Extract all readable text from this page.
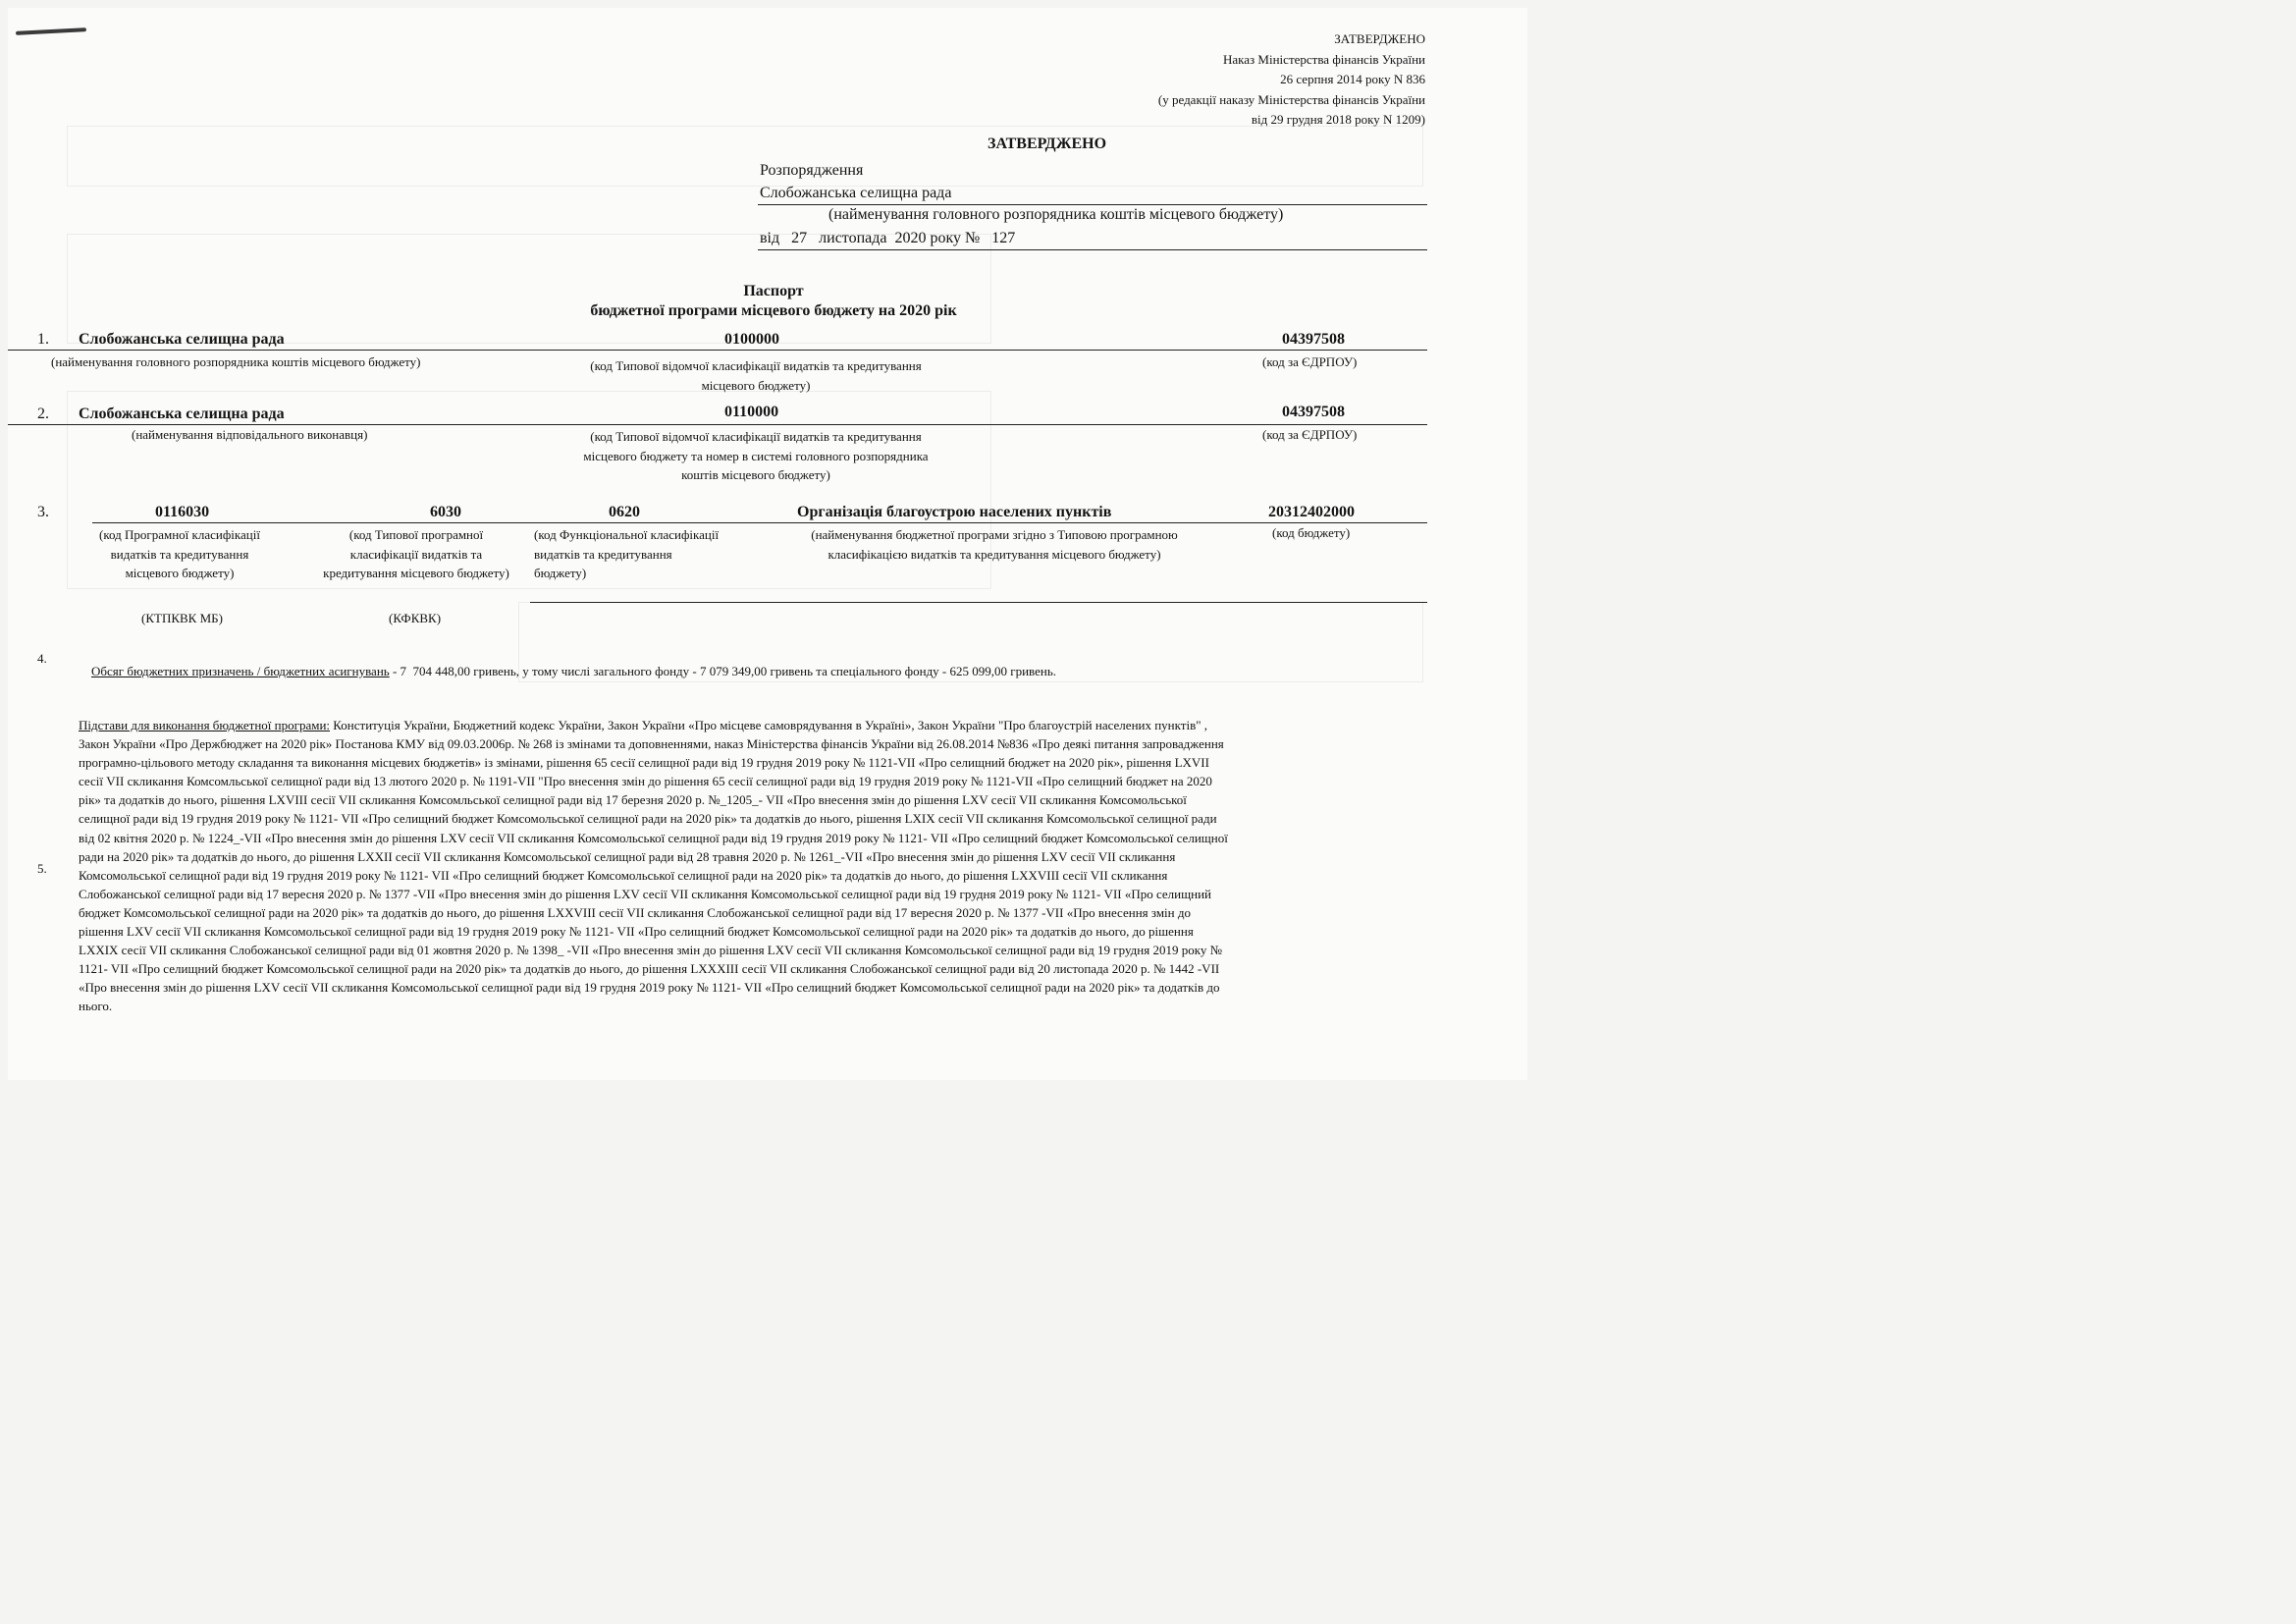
ЗАТВЕРДЖЕНО
Наказ Міністерства фінансів України
26 серпня 2014 року N 836
(у редакції наказу Міністерства фінансів України
від 29 грудня 2018 року N 1209)
ЗАТВЕРДЖЕНО
Розпорядження
Слобожанська селищна рада
(найменування головного розпорядника коштів місцевого бюджету)
від 27 листопада 2020 року № 127
Паспорт
бюджетної програми місцевого бюджету на 2020 рік
1. Слобожанська селищна рада	0100000	04397508
(найменування головного розпорядника коштів місцевого бюджету)	(код Типової відомчої класифікації видатків та кредитування
місцевого бюджету)
(код за ЄДРПОУ)
2. Слобожанська селищна рада	0110000	04397508
(найменування відповідального виконавця)	(код Типової відомчої класифікації видатків та кредитування
місцевого бюджету та номер в системі головного розпорядника
коштів місцевого бюджету)
(код за ЄДРПОУ)
3.	0116030	6030	0620	Організація благоустрою населених пунктів	20312402000
(код Програмної класифікації
видатків та кредитування
місцевого бюджету)
(код Типової програмної
класифікації видатків та
кредитування місцевого бюджету)
(код Функціональної класифікації
видатків та кредитування
бюджету)
(найменування бюджетної програми згідно з Типовою програмною
класифікацією видатків та кредитування місцевого бюджету)
(код бюджету)
(КТПКВК МБ)	(КФКВК)
4.

Обсяг бюджетних призначень / бюджетних асигнувань - 7  704 448,00 гривень, у тому числі загального фонду - 7 079 349,00 гривень та спеціального фонду - 625 099,00 гривень.

5.

Підстави для виконання бюджетної програми: Конституція України, Бюджетний кодекс України, Закон України «Про місцеве самоврядування в Україні», Закон України "Про благоустрій населених пунктів" ,

Закон України «Про Держбюджет на 2020 рік» Постанова КМУ від 09.03.2006р. № 268 із змінами та доповненнями, наказ Міністерства фінансів України від 26.08.2014 №836 «Про деякі питання запровадження

програмно-цільового методу складання та виконання місцевих бюджетів» із змінами, рішення 65 сесії селищної ради від 19 грудня 2019 року № 1121-VII «Про селищний бюджет на 2020 рік», рішення LXVII

сесії VII скликання Комсомльської селищної ради від 13 лютого 2020 р. № 1191-VII "Про внесення змін до рішення 65 сесії селищної ради від 19 грудня 2019 року № 1121-VII «Про селищний бюджет на 2020

рік» та додатків до нього, рішення LXVIII сесії VII скликання Комсомльської селищної ради від 17 березня 2020 р. №_1205_- VII «Про внесення змін до рішення LXV сесії VII скликання Комсомольської

селищної ради від 19 грудня 2019 року № 1121- VII «Про селищний бюджет Комсомольської селищної ради на 2020 рік» та додатків до нього, рішення LXIX сесії VII скликання Комсомольської селищної ради

від 02 квітня 2020 р. № 1224_-VII «Про внесення змін до рішення LXV сесії VII скликання Комсомольської селищної ради від 19 грудня 2019 року № 1121- VII «Про селищний бюджет Комсомольської селищної

ради на 2020 рік» та додатків до нього, до рішення LXXII сесії VII скликання Комсомольської селищної ради від 28 травня 2020 р. № 1261_-VII «Про внесення змін до рішення LXV сесії VII скликання

Комсомольської селищної ради від 19 грудня 2019 року № 1121- VII «Про селищний бюджет Комсомольської селищної ради на 2020 рік» та додатків до нього, до рішення LXXVIII сесії VII скликання

Слобожанської селищної ради від 17 вересня 2020 р. № 1377 -VII «Про внесення змін до рішення LXV сесії VII скликання Комсомольської селищної ради від 19 грудня 2019 року № 1121- VII «Про селищний

бюджет Комсомольської селищної ради на 2020 рік» та додатків до нього, до рішення LXXVIII сесії VII скликання Слобожанської селищної ради від 17 вересня 2020 р. № 1377 -VII «Про внесення змін до

рішення LXV сесії VII скликання Комсомольської селищної ради від 19 грудня 2019 року № 1121- VII «Про селищний бюджет Комсомольської селищної ради на 2020 рік» та додатків до нього, до рішення

LXXIX сесії VII скликання Слобожанської селищної ради від 01 жовтня 2020 р. № 1398_ -VII «Про внесення змін до рішення LXV сесії VII скликання Комсомольської селищної ради від 19 грудня 2019 року №

1121- VII «Про селищний бюджет Комсомольської селищної ради на 2020 рік» та додатків до нього, до рішення LXXXIII сесії VII скликання Слобожанської селищної ради від 20 листопада 2020 р. № 1442 -VII

«Про внесення змін до рішення LXV сесії VII скликання Комсомольської селищної ради від 19 грудня 2019 року № 1121- VII «Про селищний бюджет Комсомольської селищної ради на 2020 рік» та додатків до

нього.
